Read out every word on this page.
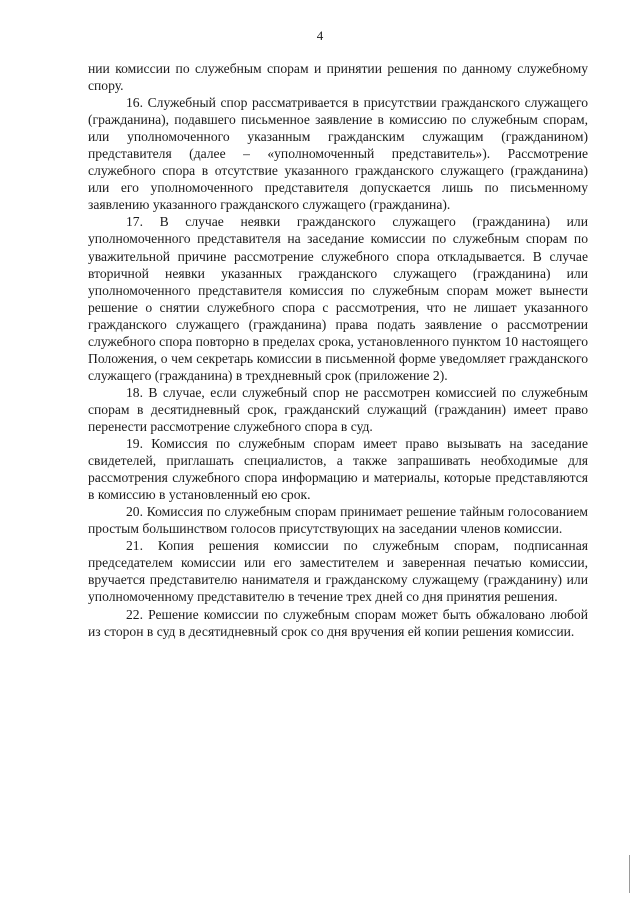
4

нии комиссии по служебным спорам и принятии решения по данному служебному спору.

16. Служебный спор рассматривается в присутствии гражданского служащего (гражданина), подавшего письменное заявление в комиссию по служебным спорам, или уполномоченного указанным гражданским служащим (гражданином) представителя (далее – «уполномоченный представитель»). Рассмотрение служебного спора в отсутствие указанного гражданского служащего (гражданина) или его уполномоченного представителя допускается лишь по письменному заявлению указанного гражданского служащего (гражданина).

17. В случае неявки гражданского служащего (гражданина) или уполномоченного представителя на заседание комиссии по служебным спорам по уважительной причине рассмотрение служебного спора откладывается. В случае вторичной неявки указанных гражданского служащего (гражданина) или уполномоченного представителя комиссия по служебным спорам может вынести решение о снятии служебного спора с рассмотрения, что не лишает указанного гражданского служащего (гражданина) права подать заявление о рассмотрении служебного спора повторно в пределах срока, установленного пунктом 10 настоящего Положения, о чем секретарь комиссии в письменной форме уведомляет гражданского служащего (гражданина) в трехдневный срок (приложение 2).

18. В случае, если служебный спор не рассмотрен комиссией по служебным спорам в десятидневный срок, гражданский служащий (гражданин) имеет право перенести рассмотрение служебного спора в суд.

19. Комиссия по служебным спорам имеет право вызывать на заседание свидетелей, приглашать специалистов, а также запрашивать необходимые для рассмотрения служебного спора информацию и материалы, которые представляются в комиссию в установленный ею срок.

20. Комиссия по служебным спорам принимает решение тайным голосованием простым большинством голосов присутствующих на заседании членов комиссии.

21. Копия решения комиссии по служебным спорам, подписанная председателем комиссии или его заместителем и заверенная печатью комиссии, вручается представителю нанимателя и гражданскому служащему (гражданину) или уполномоченному представителю в течение трех дней со дня принятия решения.

22. Решение комиссии по служебным спорам может быть обжаловано любой из сторон в суд в десятидневный срок со дня вручения ей копии решения комиссии.
